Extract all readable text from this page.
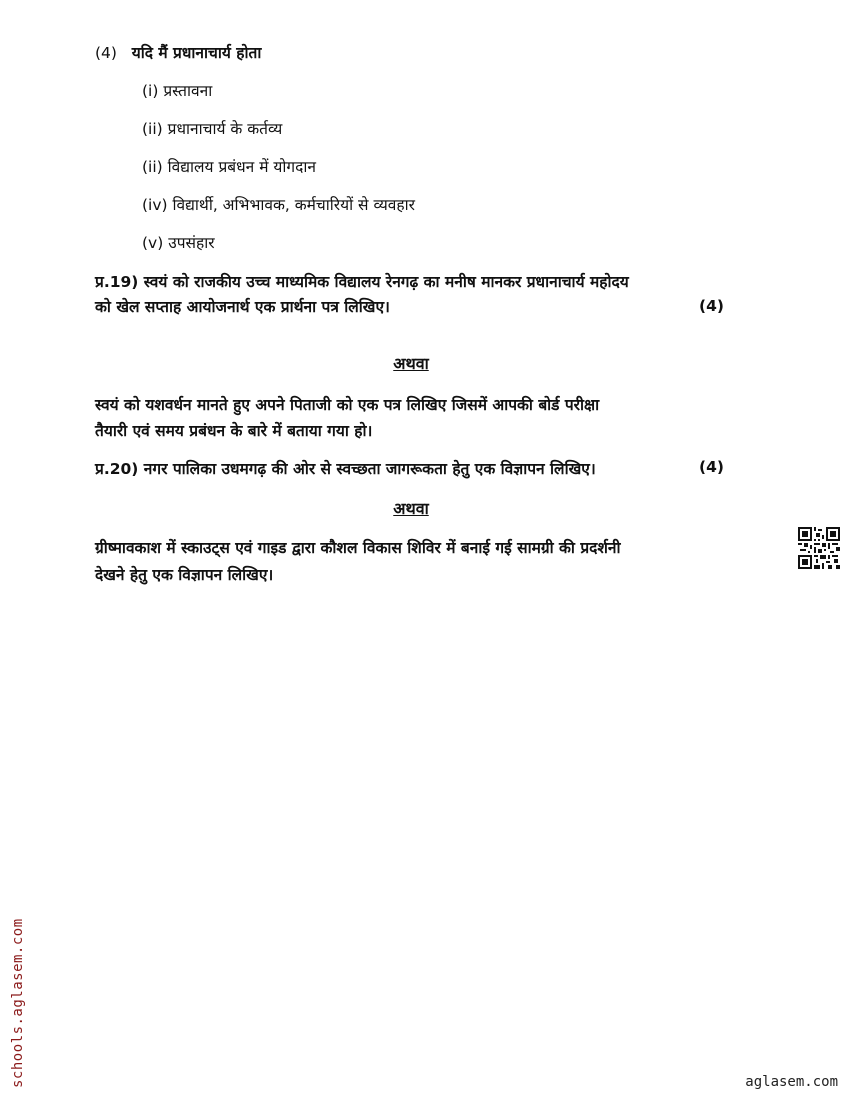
(4) यदि मैं प्रधानाचार्य होता
(i) प्रस्तावना
(ii) प्रधानाचार्य के कर्तव्य
(ii) विद्यालय प्रबंधन में योगदान
(iv) विद्यार्थी, अभिभावक, कर्मचारियों से व्यवहार
(v) उपसंहार
प्र.19) स्वयं को राजकीय उच्च माध्यमिक विद्यालय रेनगढ़ का मनीष मानकर प्रधानाचार्य महोदय
को खेल सप्ताह आयोजनार्थ एक प्रार्थना पत्र लिखिए।	(4)
अथवा
स्वयं को यशवर्धन मानते हुए अपने पिताजी को एक पत्र लिखिए जिसमें आपकी बोर्ड परीक्षा
तैयारी एवं समय प्रबंधन के बारे में बताया गया हो।
प्र.20) नगर पालिका उधमगढ़ की ओर से स्वच्छता जागरूकता हेतु एक विज्ञापन लिखिए।	(4)
अथवा
ग्रीष्मावकाश में स्काउट्स एवं गाइड द्वारा कौशल विकास शिविर में बनाई गई सामग्री की प्रदर्शनी
देखने हेतु एक विज्ञापन लिखिए।
schools.aglasem.com	aglasem.com
